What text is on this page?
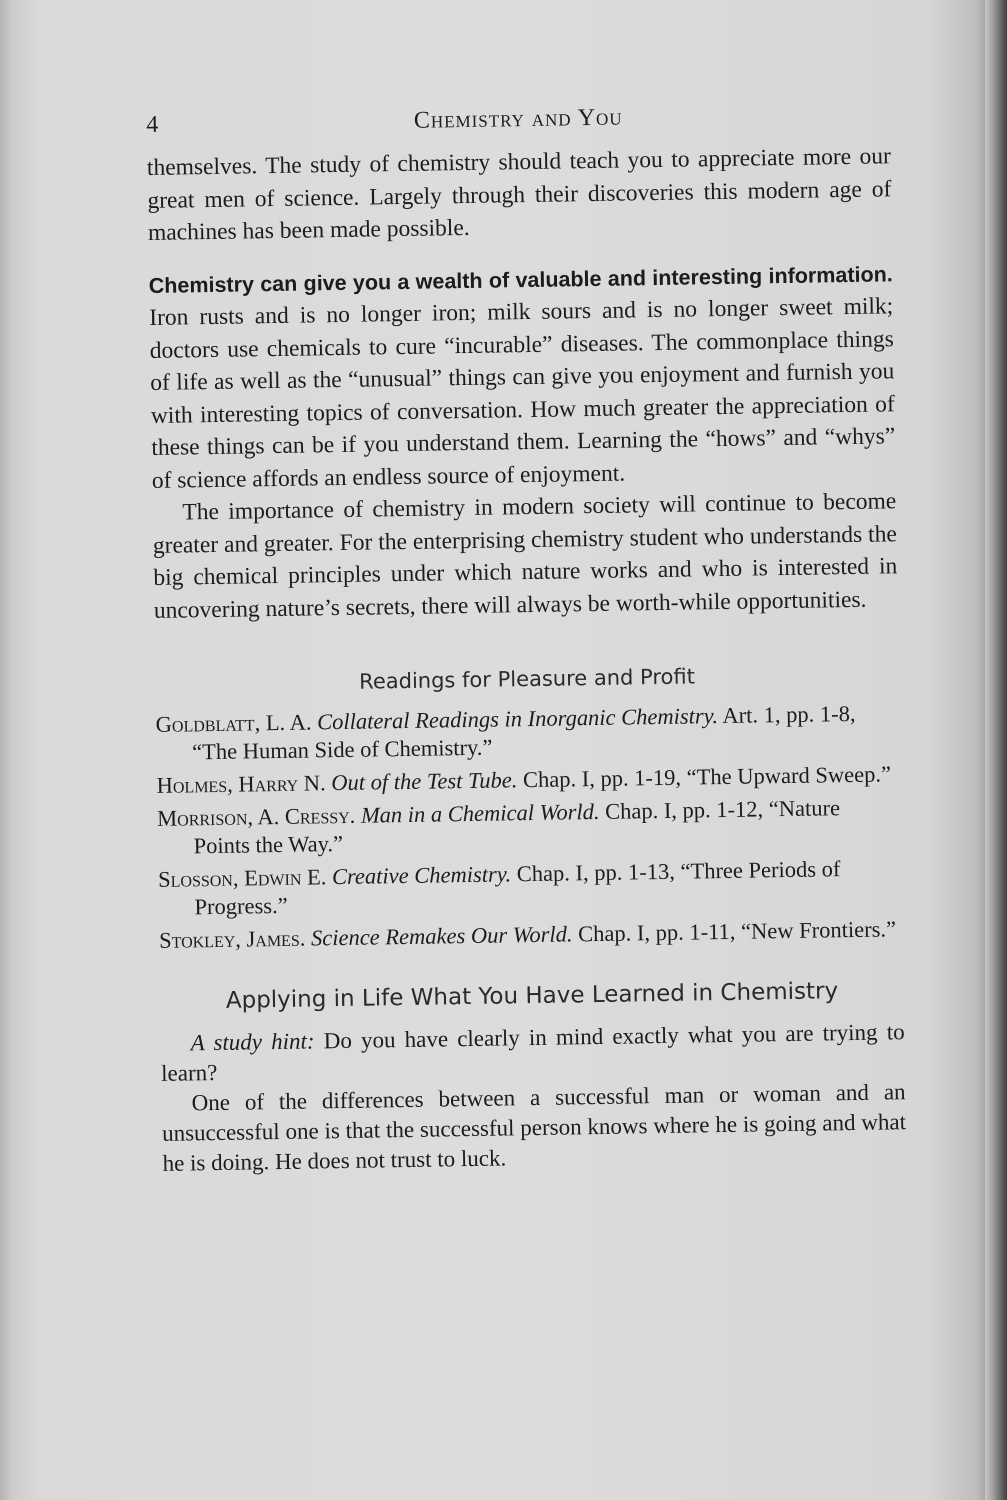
4	Chemistry and You

themselves. The study of chemistry should teach you to appreciate more our great men of science. Largely through their discoveries this modern age of machines has been made possible.

Chemistry can give you a wealth of valuable and interesting information. Iron rusts and is no longer iron; milk sours and is no longer sweet milk; doctors use chemicals to cure “incurable” diseases. The commonplace things of life as well as the “unusual” things can give you enjoyment and furnish you with interesting topics of conversation. How much greater the appreciation of these things can be if you understand them. Learning the “hows” and “whys” of science affords an endless source of enjoyment.

The importance of chemistry in modern society will continue to become greater and greater. For the enterprising chemistry student who understands the big chemical principles under which nature works and who is interested in uncovering nature’s secrets, there will always be worth-while opportunities.

Readings for Pleasure and Profit
Goldblatt, L. A. Collateral Readings in Inorganic Chemistry. Art. 1, pp. 1-8, “The Human Side of Chemistry.”
Holmes, Harry N. Out of the Test Tube. Chap. I, pp. 1-19, “The Upward Sweep.”
Morrison, A. Cressy. Man in a Chemical World. Chap. I, pp. 1-12, “Nature Points the Way.”
Slosson, Edwin E. Creative Chemistry. Chap. I, pp. 1-13, “Three Periods of Progress.”
Stokley, James. Science Remakes Our World. Chap. I, pp. 1-11, “New Frontiers.”
Applying in Life What You Have Learned in Chemistry

A study hint: Do you have clearly in mind exactly what you are trying to learn?

One of the differences between a successful man or woman and an unsuccessful one is that the successful person knows where he is going and what he is doing. He does not trust to luck.
